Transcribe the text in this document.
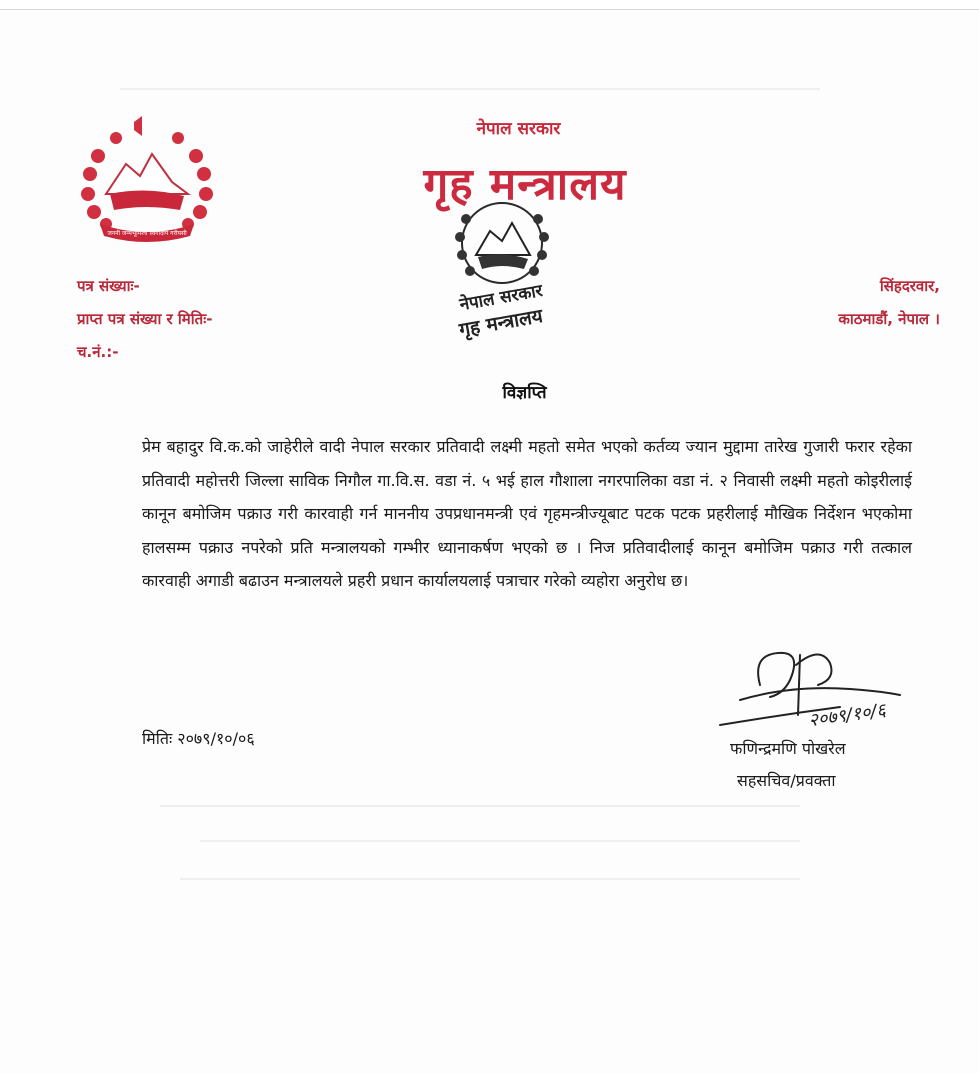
जननी जन्मभूमिश्च स्वर्गादपि गरीयसी
नेपाल सरकार
गृह मन्त्रालय
नेपाल सरकार
गृह मन्त्रालय
पत्र संख्याः-
प्राप्त पत्र संख्या र मितिः-
च.नं.:-
सिंहदरवार,
काठमाडौं, नेपाल ।
विज्ञप्ति
प्रेम बहादुर वि.क.को जाहेरीले वादी नेपाल सरकार प्रतिवादी लक्ष्मी महतो समेत भएको कर्तव्य ज्यान मुद्दामा तारेख गुजारी फरार रहेका प्रतिवादी महोत्तरी जिल्ला साविक निगौल गा.वि.स. वडा नं. ५ भई हाल गौशाला नगरपालिका वडा नं. २ निवासी लक्ष्मी महतो कोइरीलाई कानून बमोजिम पक्राउ गरी कारवाही गर्न माननीय उपप्रधानमन्त्री एवं गृहमन्त्रीज्यूबाट पटक पटक प्रहरीलाई मौखिक निर्देशन भएकोमा हालसम्म पक्राउ नपरेको प्रति मन्त्रालयको गम्भीर ध्यानाकर्षण भएको छ । निज प्रतिवादीलाई कानून बमोजिम पक्राउ गरी तत्काल कारवाही अगाडी बढाउन मन्त्रालयले प्रहरी प्रधान कार्यालयलाई पत्राचार गरेको व्यहोरा अनुरोध छ।
मितिः २०७९/१०/०६
२०७९/१०/६
फणिन्द्रमणि पोखरेल
सहसचिव/प्रवक्ता
